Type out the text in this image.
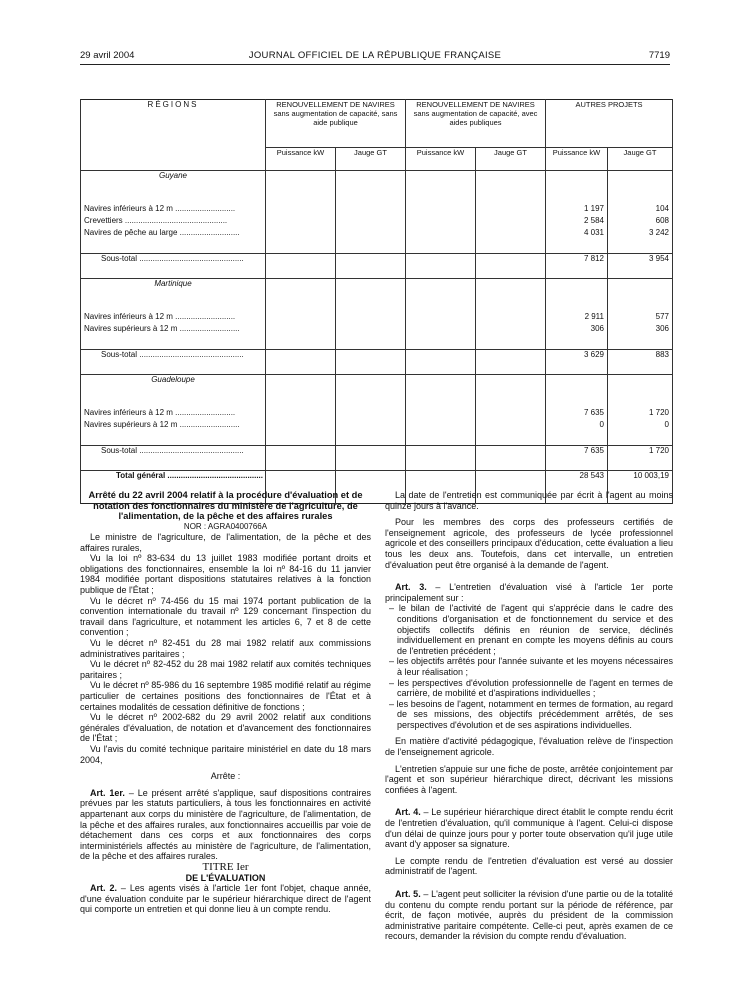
29 avril 2004	JOURNAL OFFICIEL DE LA RÉPUBLIQUE FRANÇAISE	7719
RÉGIONS	RENOUVELLEMENT DE NAVIRES sans augmentation de capacité, sans aide publique		RENOUVELLEMENT DE NAVIRES sans augmentation de capacité, avec aides publiques		AUTRES PROJETS	
	Puissance kW	Jauge GT	Puissance kW	Jauge GT	Puissance kW	Jauge GT
Guyane						

Navires inférieurs à 12 m ...........................					1 197	104
Crevettiers ..............................................					2 584	608
Navires de pêche au large ...........................					4 031	3 242

Sous-total ...............................................					7 812	3 954
Martinique						

Navires inférieurs à 12 m ...........................					2 911	577
Navires supérieurs à 12 m ...........................					306	306

Sous-total ...............................................					3 629	883
Guadeloupe						

Navires inférieurs à 12 m ...........................					7 635	1 720
Navires supérieurs à 12 m ...........................					0	0

Sous-total ...............................................					7 635	1 720
Total général ...........................................					28 543	10 003,19

Arrêté du 22 avril 2004 relatif à la procédure d'évaluation et de notation des fonctionnaires du ministère de l'agriculture, de l'alimentation, de la pêche et des affaires rurales

NOR : AGRA0400766A

Le ministre de l'agriculture, de l'alimentation, de la pêche et des affaires rurales,

Vu la loi nº 83-634 du 13 juillet 1983 modifiée portant droits et obligations des fonctionnaires, ensemble la loi nº 84-16 du 11 janvier 1984 modifiée portant dispositions statutaires relatives à la fonction publique de l'État ;

Vu le décret nº 74-456 du 15 mai 1974 portant publication de la convention internationale du travail nº 129 concernant l'inspection du travail dans l'agriculture, et notamment les articles 6, 7 et 8 de cette convention ;

Vu le décret nº 82-451 du 28 mai 1982 relatif aux commissions administratives paritaires ;

Vu le décret nº 82-452 du 28 mai 1982 relatif aux comités techniques paritaires ;

Vu le décret nº 85-986 du 16 septembre 1985 modifié relatif au régime particulier de certaines positions des fonctionnaires de l'État et à certaines modalités de cessation définitive de fonctions ;

Vu le décret nº 2002-682 du 29 avril 2002 relatif aux conditions générales d'évaluation, de notation et d'avancement des fonctionnaires de l'État ;

Vu l'avis du comité technique paritaire ministériel en date du 18 mars 2004,

Arrête :

Art. 1er. – Le présent arrêté s'applique, sauf dispositions contraires prévues par les statuts particuliers, à tous les fonctionnaires en activité appartenant aux corps du ministère de l'agriculture, de l'alimentation, de la pêche et des affaires rurales, aux fonctionnaires accueillis par voie de détachement dans ces corps et aux fonctionnaires des corps interministériels affectés au ministère de l'agriculture, de l'alimentation, de la pêche et des affaires rurales.

TITRE Ier

DE L'ÉVALUATION

Art. 2. – Les agents visés à l'article 1er font l'objet, chaque année, d'une évaluation conduite par le supérieur hiérarchique direct de l'agent qui comporte un entretien et qui donne lieu à un compte rendu.

La date de l'entretien est communiquée par écrit à l'agent au moins quinze jours à l'avance.

Pour les membres des corps des professeurs certifiés de l'enseignement agricole, des professeurs de lycée professionnel agricole et des conseillers principaux d'éducation, cette évaluation a lieu tous les deux ans. Toutefois, dans cet intervalle, un entretien d'évaluation peut être organisé à la demande de l'agent.

Art. 3. – L'entretien d'évaluation visé à l'article 1er porte principalement sur :

– le bilan de l'activité de l'agent qui s'apprécie dans le cadre des conditions d'organisation et de fonctionnement du service et des objectifs collectifs définis en réunion de service, déclinés individuellement en prenant en compte les moyens définis au cours de l'entretien précédent ;
– les objectifs arrêtés pour l'année suivante et les moyens nécessaires à leur réalisation ;
– les perspectives d'évolution professionnelle de l'agent en termes de carrière, de mobilité et d'aspirations individuelles ;
– les besoins de l'agent, notamment en termes de formation, au regard de ses missions, des objectifs précédemment arrêtés, de ses perspectives d'évolution et de ses aspirations individuelles.

En matière d'activité pédagogique, l'évaluation relève de l'inspection de l'enseignement agricole.

L'entretien s'appuie sur une fiche de poste, arrêtée conjointement par l'agent et son supérieur hiérarchique direct, décrivant les missions confiées à l'agent.

Art. 4. – Le supérieur hiérarchique direct établit le compte rendu écrit de l'entretien d'évaluation, qu'il communique à l'agent. Celui-ci dispose d'un délai de quinze jours pour y porter toute observation qu'il juge utile avant d'y apposer sa signature.

Le compte rendu de l'entretien d'évaluation est versé au dossier administratif de l'agent.

Art. 5. – L'agent peut solliciter la révision d'une partie ou de la totalité du contenu du compte rendu portant sur la période de référence, par écrit, de façon motivée, auprès du président de la commission administrative paritaire compétente. Celle-ci peut, après examen de ce recours, demander la révision du compte rendu d'évaluation.
